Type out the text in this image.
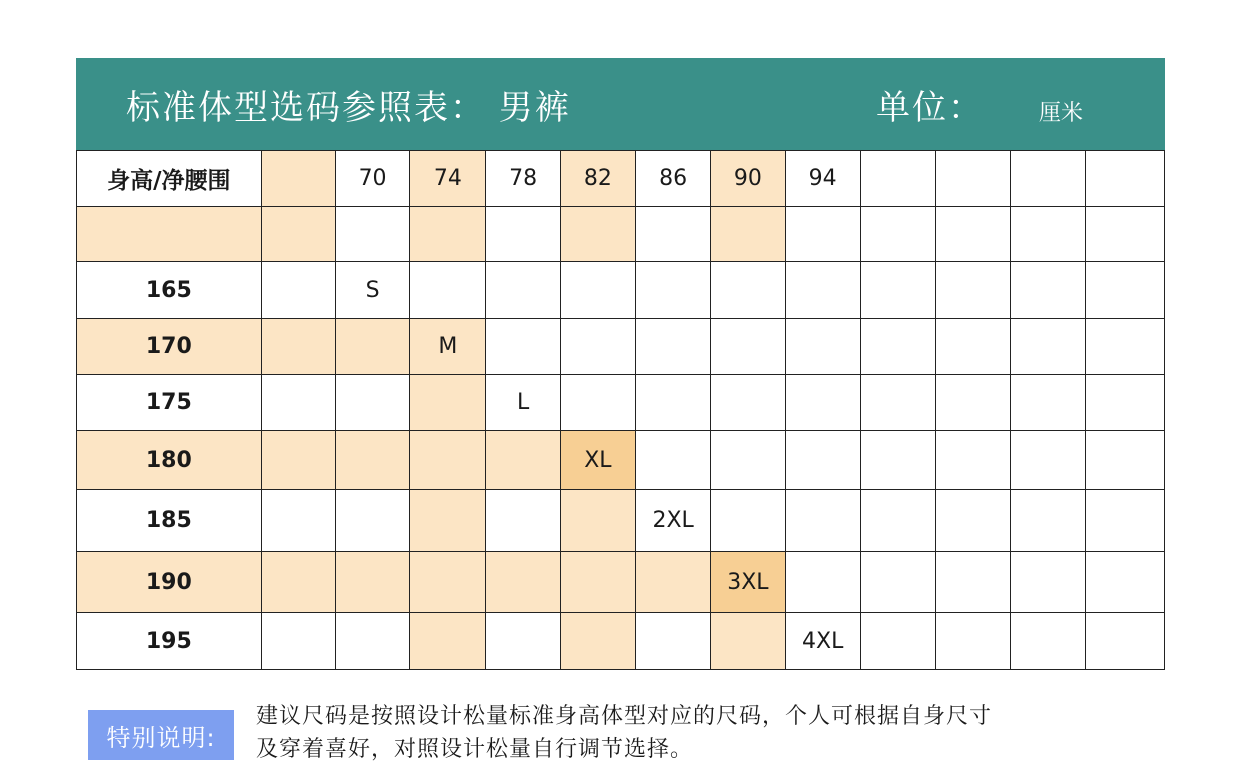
标准体型选码参照表： 男裤	单位：	厘米
身高/净腰围		70	74	78	82	86	90	94				

165		S										
170			M									
175				L								
180					XL							
185						2XL						
190							3XL					
195								4XL				
特别说明:
建议尺码是按照设计松量标准身高体型对应的尺码，个人可根据自身尺寸
及穿着喜好，对照设计松量自行调节选择。
